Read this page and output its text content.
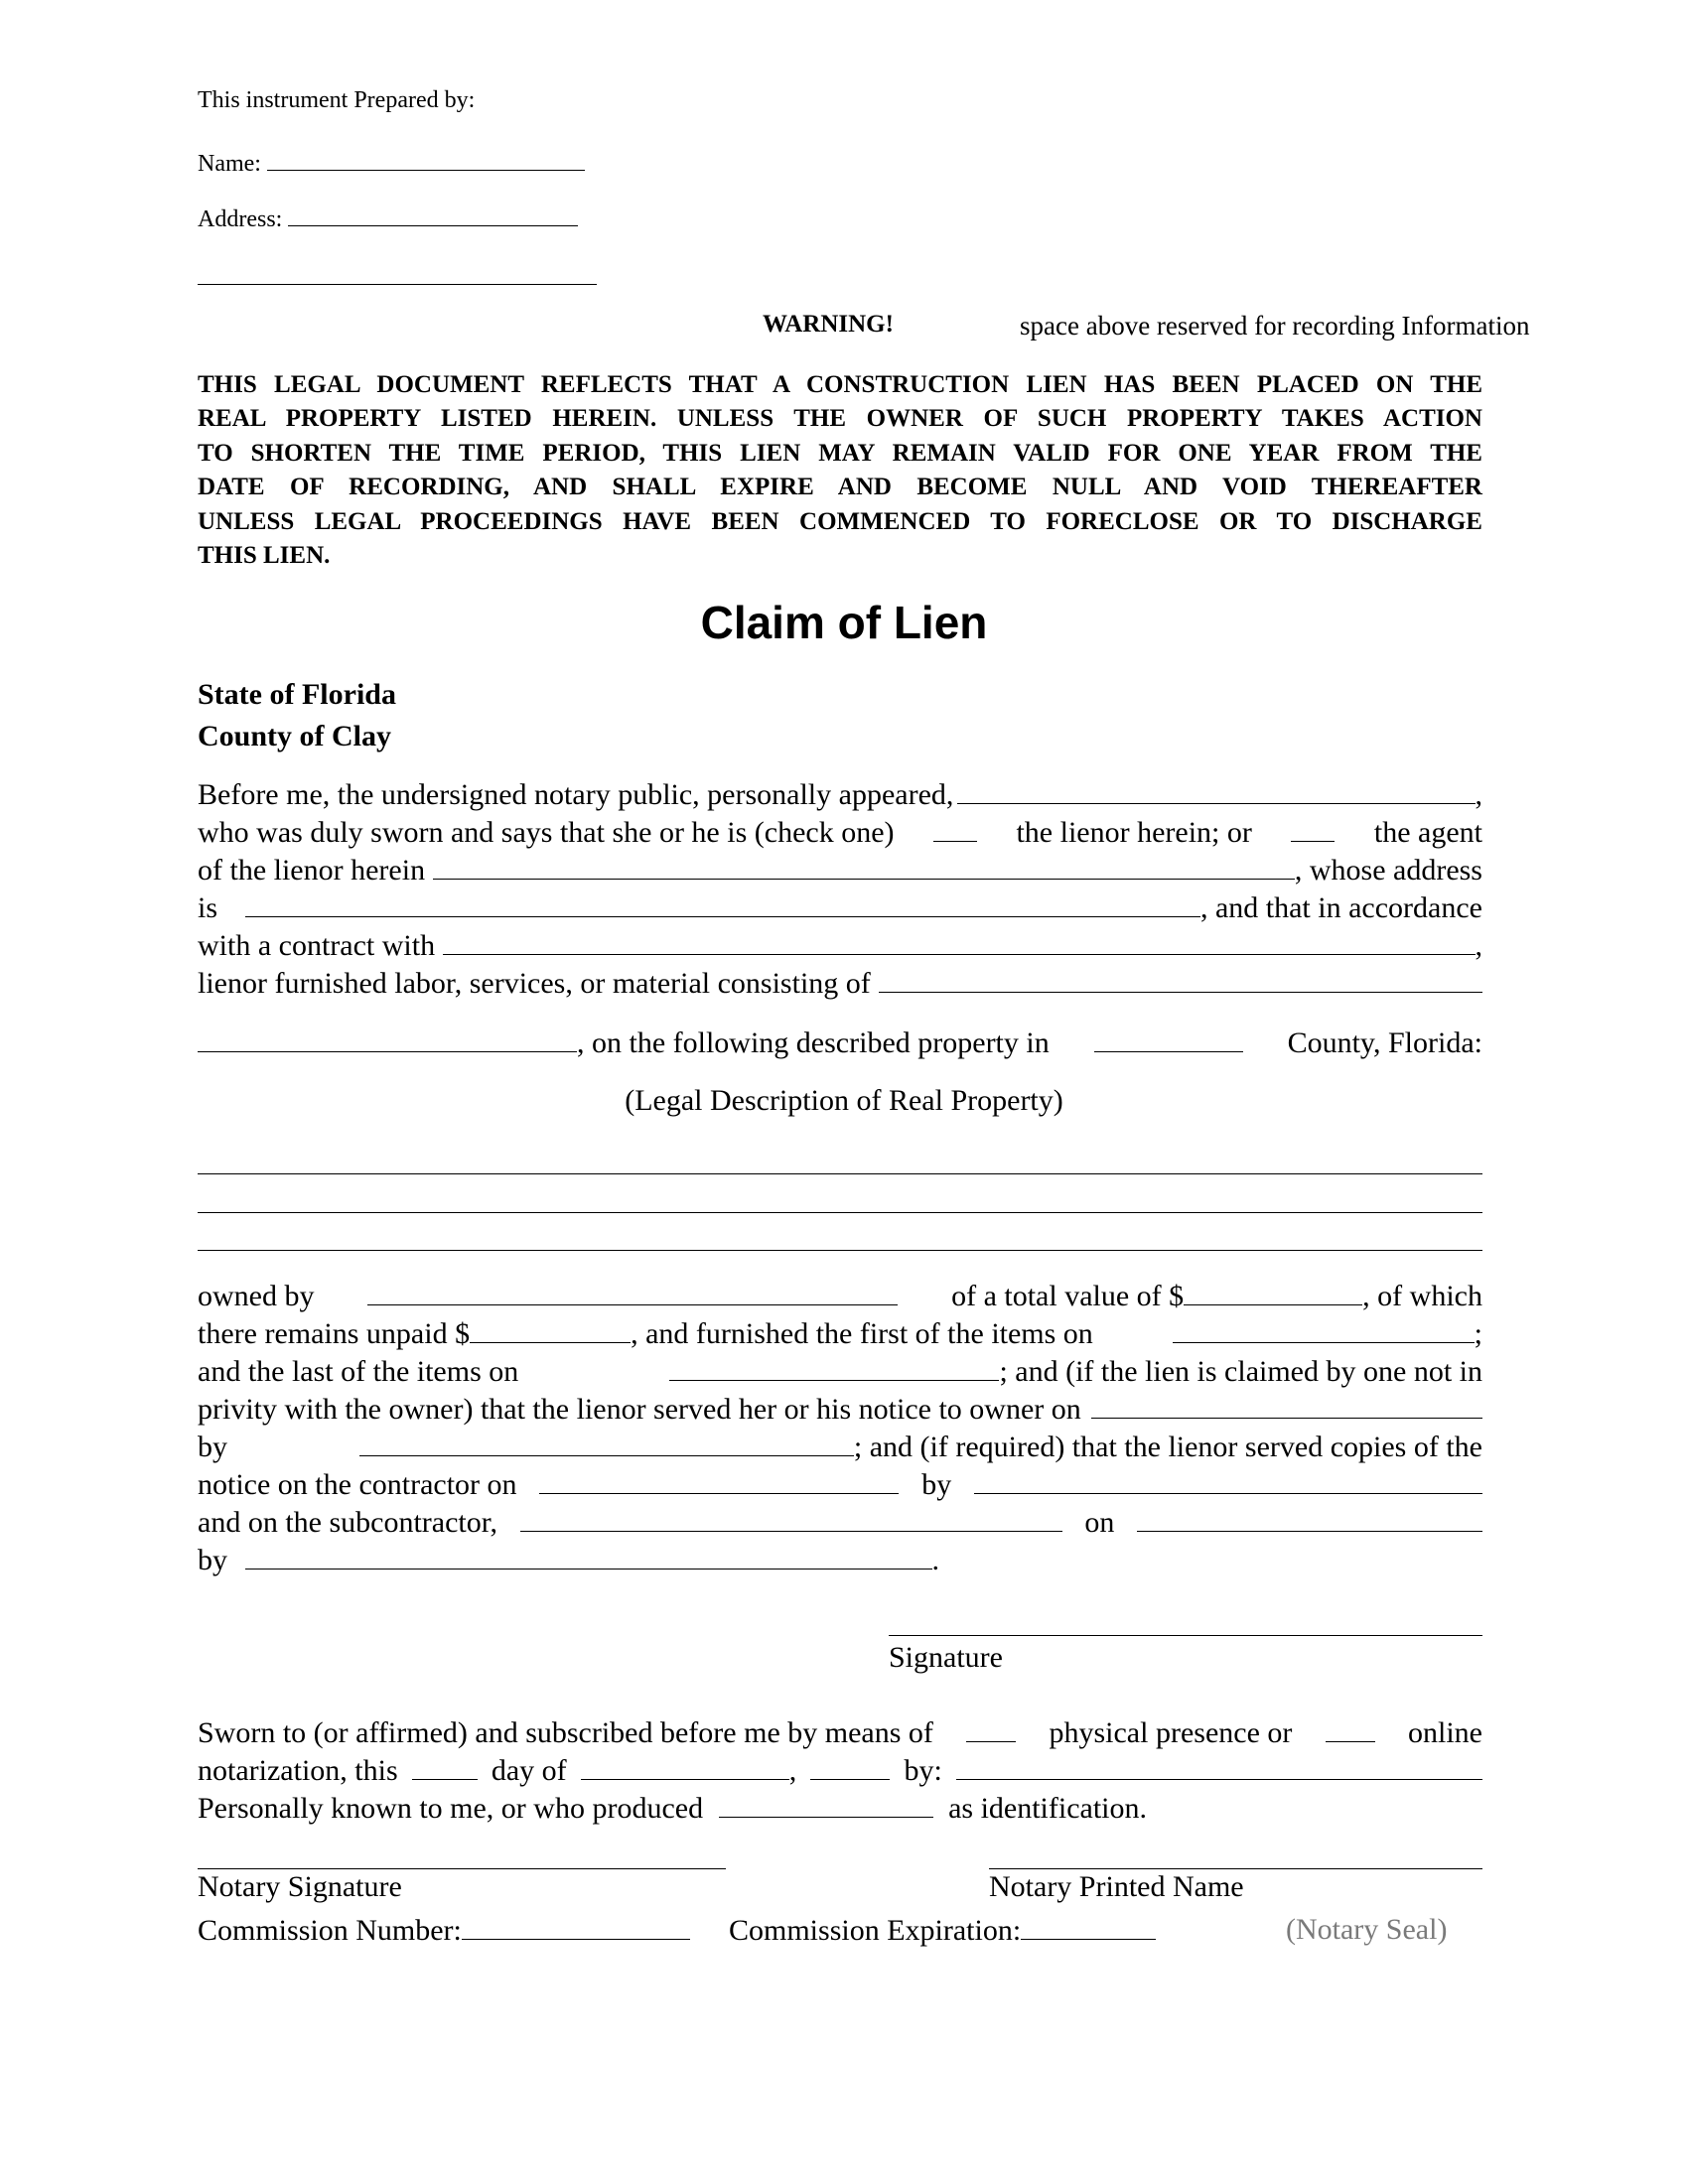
This instrument Prepared by:
Name:
Address:
WARNING!	space above reserved for recording Information
THIS LEGAL DOCUMENT REFLECTS THAT A CONSTRUCTION LIEN HAS BEEN PLACED ON THE
REAL PROPERTY LISTED HEREIN. UNLESS THE OWNER OF SUCH PROPERTY TAKES ACTION
TO SHORTEN THE TIME PERIOD, THIS LIEN MAY REMAIN VALID FOR ONE YEAR FROM THE
DATE OF RECORDING, AND SHALL EXPIRE AND BECOME NULL AND VOID THEREAFTER
UNLESS LEGAL PROCEEDINGS HAVE BEEN COMMENCED TO FORECLOSE OR TO DISCHARGE
THIS LIEN.
Claim of Lien
State of Florida
County of Clay
Before me, the undersigned notary public, personally appeared,	,
who was duly sworn and says that she or he is (check one)	the lienor herein; or	the agent
of the lienor herein	, whose address
is	, and that in accordance
with a contract with	,
lienor furnished labor, services, or material consisting of
, on the following described property in	County, Florida:
(Legal Description of Real Property)
owned by	of a total value of $	, of which
there remains unpaid $	, and furnished the first of the items on	;
and the last of the items on	; and (if the lien is claimed by one not in
privity with the owner) that the lienor served her or his notice to owner on
by	; and (if required) that the lienor served copies of the
notice on the contractor on	by
and on the subcontractor,	on
by	.
Signature
Sworn to (or affirmed) and subscribed before me by means of	physical presence or	online
notarization, this	day of	,	by:
Personally known to me, or who produced	as identification.
Notary Signature	Notary Printed Name
Commission Number:	Commission Expiration:	(Notary Seal)
